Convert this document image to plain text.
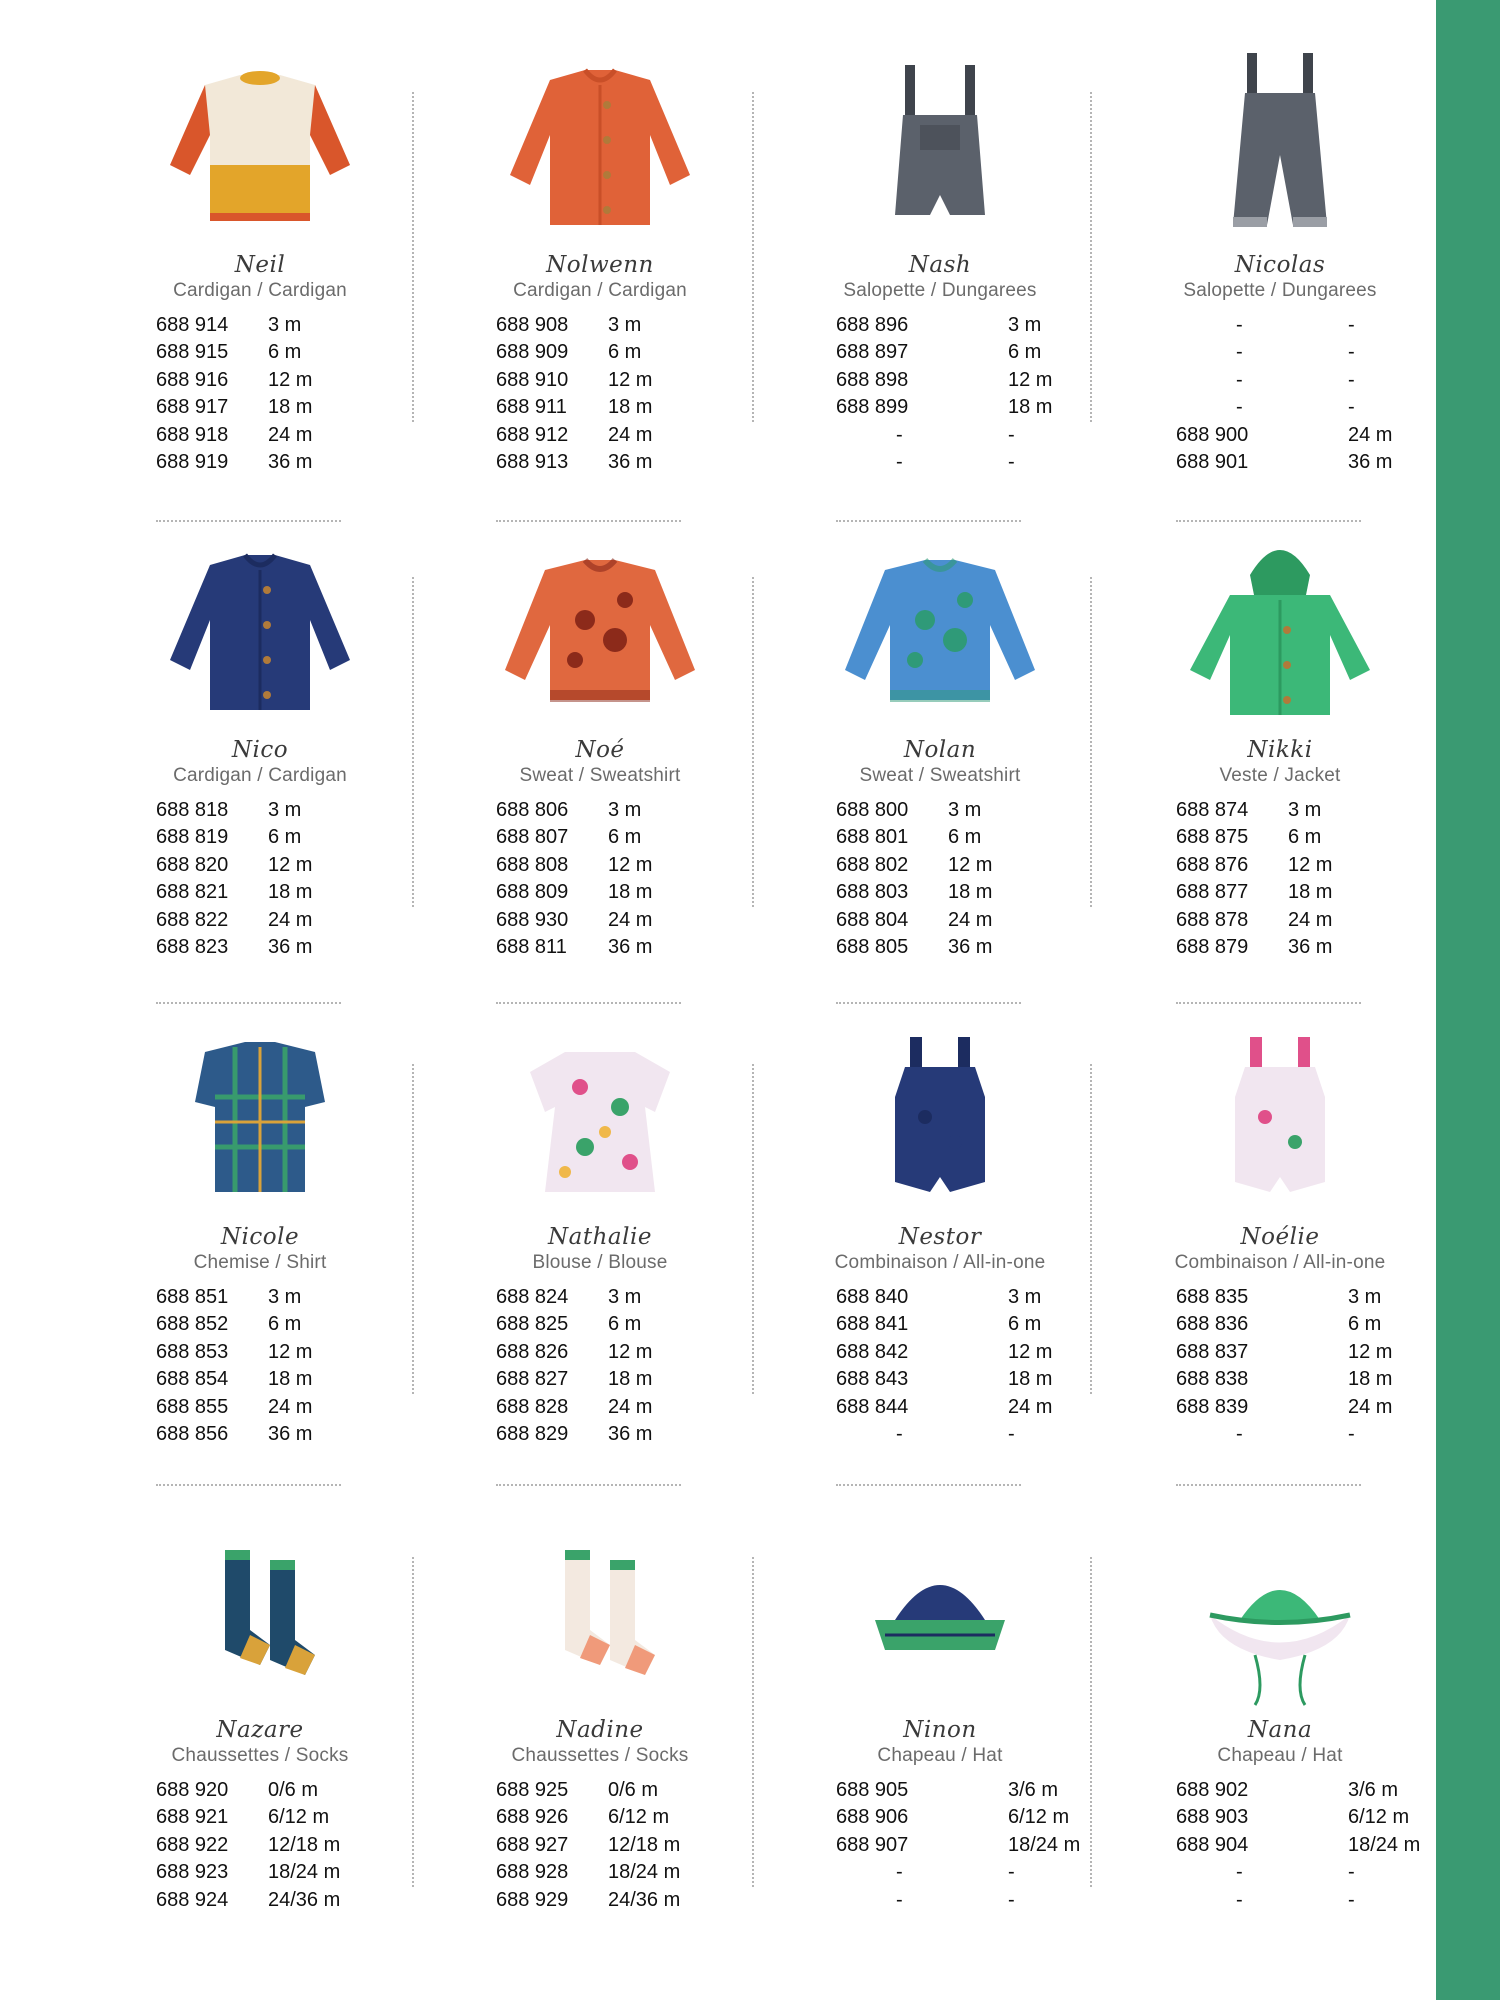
Neil
Cardigan / Cardigan
688 914	3 m
688 915	6 m
688 916	12 m
688 917	18 m
688 918	24 m
688 919	36 m
Nolwenn
Cardigan / Cardigan
688 908	3 m
688 909	6 m
688 910	12 m
688 911	18 m
688 912	24 m
688 913	36 m
Nash
Salopette / Dungarees
688 896	3 m
688 897	6 m
688 898	12 m
688 899	18 m
-	-
-	-
Nicolas
Salopette / Dungarees
-	-
-	-
-	-
-	-
688 900	24 m
688 901	36 m
Nico
Cardigan / Cardigan
688 818	3 m
688 819	6 m
688 820	12 m
688 821	18 m
688 822	24 m
688 823	36 m
Noé
Sweat / Sweatshirt
688 806	3 m
688 807	6 m
688 808	12 m
688 809	18 m
688 930	24 m
688 811	36 m
Nolan
Sweat / Sweatshirt
688 800	3 m
688 801	6 m
688 802	12 m
688 803	18 m
688 804	24 m
688 805	36 m
Nikki
Veste / Jacket
688 874	3 m
688 875	6 m
688 876	12 m
688 877	18 m
688 878	24 m
688 879	36 m
Nicole
Chemise / Shirt
688 851	3 m
688 852	6 m
688 853	12 m
688 854	18 m
688 855	24 m
688 856	36 m
Nathalie
Blouse / Blouse
688 824	3 m
688 825	6 m
688 826	12 m
688 827	18 m
688 828	24 m
688 829	36 m
Nestor
Combinaison / All-in-one
688 840	3 m
688 841	6 m
688 842	12 m
688 843	18 m
688 844	24 m
-	-
Noélie
Combinaison / All-in-one
688 835	3 m
688 836	6 m
688 837	12 m
688 838	18 m
688 839	24 m
-	-
Nazare
Chaussettes / Socks
688 920	0/6 m
688 921	6/12 m
688 922	12/18 m
688 923	18/24 m
688 924	24/36 m
Nadine
Chaussettes / Socks
688 925	0/6 m
688 926	6/12 m
688 927	12/18 m
688 928	18/24 m
688 929	24/36 m
Ninon
Chapeau / Hat
688 905	3/6 m
688 906	6/12 m
688 907	18/24 m
-	-
-	-
Nana
Chapeau / Hat
688 902	3/6 m
688 903	6/12 m
688 904	18/24 m
-	-
-	-
